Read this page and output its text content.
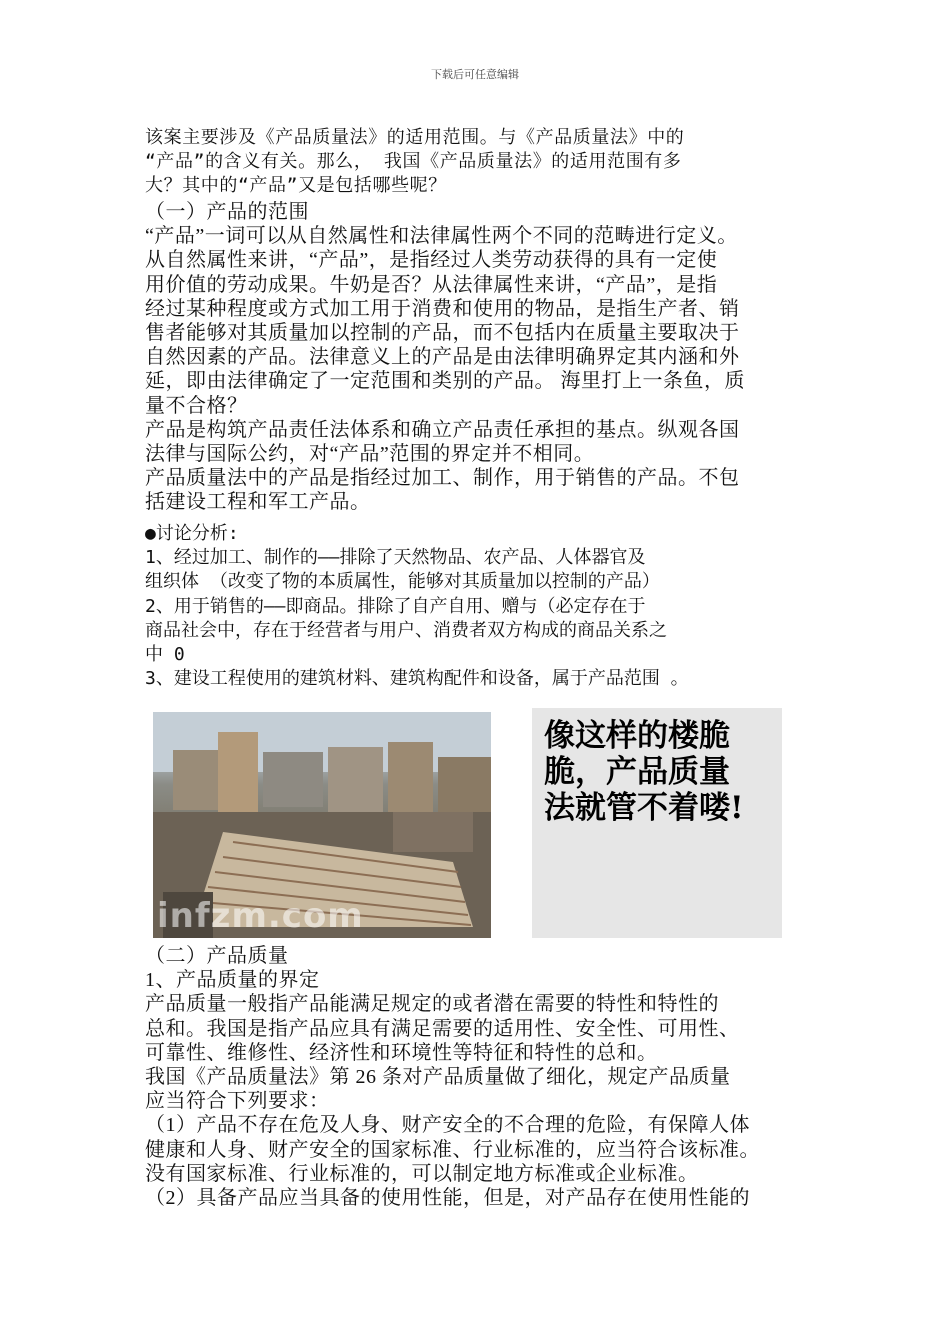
下载后可任意编辑
该案主要涉及《产品质量法》的适用范围。与《产品质量法》中的
“产品”的含义有关。那么， 我国《产品质量法》的适用范围有多
大？其中的“产品”又是包括哪些呢？
（一）产品的范围
“产品”一词可以从自然属性和法律属性两个不同的范畴进行定义。
从自然属性来讲，“产品”，是指经过人类劳动获得的具有一定使
用价值的劳动成果。牛奶是否？从法律属性来讲，“产品”，是指
经过某种程度或方式加工用于消费和使用的物品，是指生产者、销
售者能够对其质量加以控制的产品，而不包括内在质量主要取决于
自然因素的产品。法律意义上的产品是由法律明确界定其内涵和外
延，即由法律确定了一定范围和类别的产品。 海里打上一条鱼，质
量不合格？
产品是构筑产品责任法体系和确立产品责任承担的基点。纵观各国
法律与国际公约，对“产品”范围的界定并不相同。
产品质量法中的产品是指经过加工、制作，用于销售的产品。不包
括建设工程和军工产品。
●讨论分析:
1、经过加工、制作的——排除了天然物品、农产品、人体器官及
组织体 （改变了物的本质属性，能够对其质量加以控制的产品）
2、用于销售的——即商品。排除了自产自用、赠与（必定存在于
商品社会中，存在于经营者与用户、消费者双方构成的商品关系之
中 0
3、建设工程使用的建筑材料、建筑构配件和设备，属于产品范围 。
infzm.com
像这样的楼脆
脆，产品质量
法就管不着喽!
（二）产品质量
1、产品质量的界定
产品质量一般指产品能满足规定的或者潜在需要的特性和特性的
总和。我国是指产品应具有满足需要的适用性、安全性、可用性、
可靠性、维修性、经济性和环境性等特征和特性的总和。
我国《产品质量法》第 26 条对产品质量做了细化，规定产品质量
应当符合下列要求：
（1）产品不存在危及人身、财产安全的不合理的危险，有保障人体
健康和人身、财产安全的国家标准、行业标准的，应当符合该标准。
没有国家标准、行业标准的，可以制定地方标准或企业标准。
（2）具备产品应当具备的使用性能，但是，对产品存在使用性能的
